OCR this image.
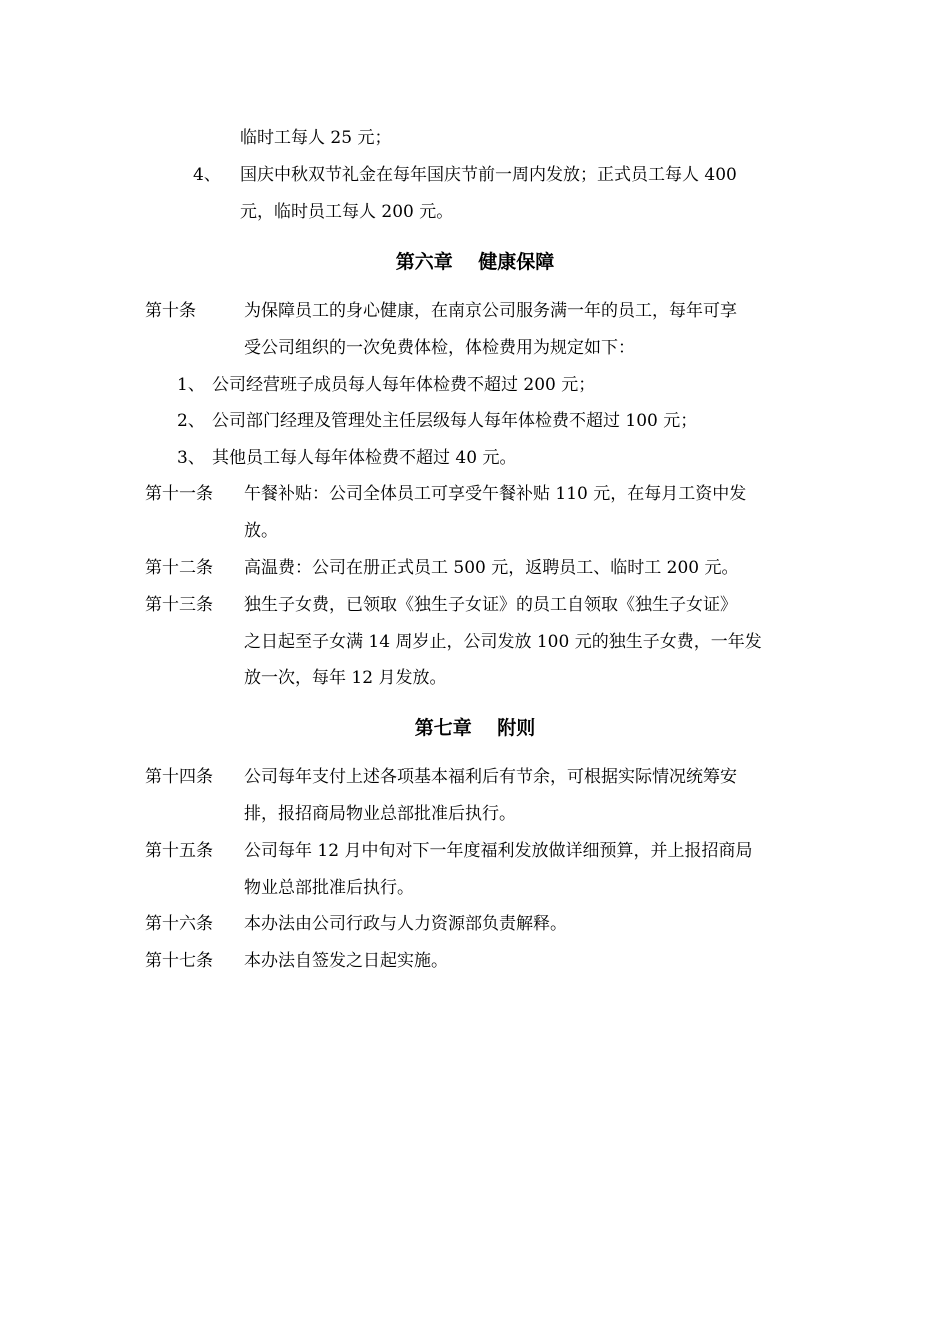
临时工每人 25 元；
4、 国庆中秋双节礼金在每年国庆节前一周内发放；正式员工每人 400
元，临时员工每人 200 元。
第六章　 健康保障
第十条	为保障员工的身心健康，在南京公司服务满一年的员工，每年可享
受公司组织的一次免费体检，体检费用为规定如下：
1、 公司经营班子成员每人每年体检费不超过 200 元；
2、 公司部门经理及管理处主任层级每人每年体检费不超过 100 元；
3、 其他员工每人每年体检费不超过 40 元。
第十一条 午餐补贴：公司全体员工可享受午餐补贴 110 元，在每月工资中发
放。
第十二条 高温费：公司在册正式员工 500 元，返聘员工、临时工 200 元。
第十三条 独生子女费，已领取《独生子女证》的员工自领取《独生子女证》
之日起至子女满 14 周岁止，公司发放 100 元的独生子女费，一年发
放一次，每年 12 月发放。
第七章　 附则
第十四条 公司每年支付上述各项基本福利后有节余，可根据实际情况统筹安
排，报招商局物业总部批准后执行。
第十五条 公司每年 12 月中旬对下一年度福利发放做详细预算，并上报招商局
物业总部批准后执行。
第十六条 本办法由公司行政与人力资源部负责解释。
第十七条 本办法自签发之日起实施。
